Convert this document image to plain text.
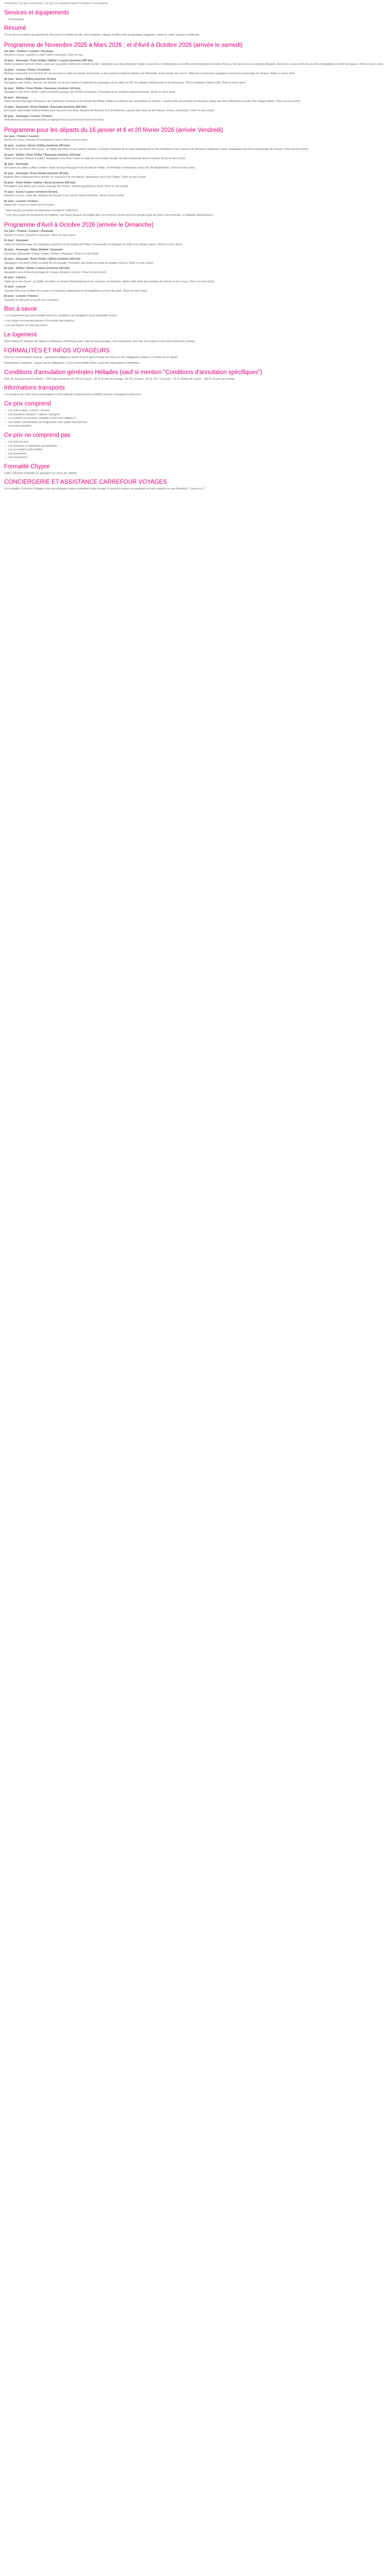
Description (Ce prix comprend) / Ce prix ne comprend pas/ Formalités/ Conciergerie
Services et équipements
• Conciergerie
Résumé
Un circuit en croisière qui permet de découvrir le meilleur du Nil, entre temples, villages traditionnels et paysages magiques, dans un cadre luxueux et détendu.
Programme de Novembre 2025 à Mars 2026 ; et d'Avril à Octobre 2026 (arrivée le samedi)
1er jour : France / Louxor / Assouan
Arrivée à Louxor, transfert à votre hôtel à Assouan. Dîner et nuit.
2e jour : Assouan / Kom Ombo / Edfou / Louxor (environ 220 km)
Visite du temple de Kom Ombo, situé sur une petite colline en bordure du Nil, il est dédié aux deux divinités Sobek et Haroeris. Continuation vers Edfou et découverte du temple d'Horus, l'un des mieux conservés d'Égypte. Arrivée à Louxor en fin de journée et installation à bord du bateau. Dîner et nuit à bord.
3e jour : Louxor / Esna / Croisière
Matinée consacrée à la rive Est de Louxor avec la visite du temple de Karnak, le plus grand complexe religieux de l'Antiquité, et du temple de Louxor. Déjeuner à bord puis navigation vers Esna et passage de l'écluse. Dîner et nuit à bord.
4e jour : Esna / Edfou (environ 70 km)
Navigation vers Edfou. Journée de détente sur le pont soleil en admirant les paysages de la vallée du Nil, les villages traditionnels et les felouques. Thé à l'anglaise l'après-midi. Dîner et nuit à bord.
5e jour : Edfou / Kom Ombo / Assouan (environ 110 km)
Navigation vers Kom Ombo, visite du temple partagé par Sobek et Haroeris. Poursuite de la croisière jusqu'à Assouan. Dîner et nuit à bord.
6e jour : Assouan
Visite du Haut Barrage d'Assouan, de l'obélisque inachevé et du temple de Philae, dédié à la déesse Isis, accessible en bateau. L'après-midi, promenade en felouque autour des îles d'Assouan et visite d'un village nubien. Dîner et nuit à bord.
7e jour : Assouan / Abou Simbel / Assouan (environ 560 km)
Excursion optionnelle à Abou Simbel pour découvrir les deux temples de Ramsès II et de Néfertari, sauvés des eaux du lac Nasser. Retour à Assouan. Dîner et nuit à bord.
8e jour : Assouan / Louxor / France
Petit déjeuner à bord puis transfert à l'aéroport de Louxor et envol vers la France.
Programme pour les départs du 16 janvier et 6 et 20 février 2026 (arrivée Vendredi)
1er jour : France / Louxor
Arrivée à Louxor, transfert et installation à bord. Dîner et nuit à bord.
2e jour : Louxor / Esna / Edfou (environ 120 km)
Visite de la rive Ouest de Louxor : la Vallée des Rois et ses tombes peintes, le temple funéraire de la reine Hatchepsout à Deir el-Bahari et les colosses de Memnon. Déjeuner à bord, navigation vers Esna et passage de l'écluse. Dîner et nuit à bord.
3e jour : Edfou / Kom Ombo / Assouan (environ 110 km)
Visite du temple d'Horus à Edfou. Navigation vers Kom Ombo et visite de son temple double. Arrivée à Assouan dans la soirée. Dîner et nuit à bord.
4e jour : Assouan
Excursion en option à Abou Simbel. Visite du Haut Barrage et du temple de Philae. Promenade en felouque autour de l'île Éléphantine. Dîner et nuit à bord.
5e jour : Assouan / Kom Ombo (environ 45 km)
Matinée libre à Assouan pour profiter du marché et de ses épices. Navigation vers Kom Ombo. Dîner et nuit à bord.
6e jour : Kom Ombo / Edfou / Esna (environ 150 km)
Navigation vers Edfou puis Esna, passage de l'écluse. Soirée égyptienne à bord. Dîner et nuit à bord.
7e jour : Esna / Louxor (environ 55 km)
Arrivée à Louxor, visite des temples de Karnak et de Louxor. Après-midi libre. Dîner et nuit à bord.
8e jour : Louxor / France
Départ de Louxor et envol vers la France.
* Sites inscrits sur la liste du patrimoine mondial de l'UNESCO
** Lors de la visite de monuments ou religieux, une tenue décente est exigée pour les hommes comme pour les femmes (pas de short ni de bermuda, ni d'épaules découvertes).
Programme d'Avril à Octobre 2026 (arrivée le Dimanche)
1er jour : France / Louxor / Assouan
Arrivée à Louxor, transfert à Assouan. Dîner et nuit à bord.
2e jour : Assouan
Visite du Haut Barrage, de l'obélisque inachevé et du temple de Philae. Promenade en felouque et visite d'un village nubien. Dîner et nuit à bord.
3e jour : Assouan / Abou Simbel / Assouan
Excursion optionnelle à Abou Simbel. Retour à Assouan. Dîner et nuit à bord.
4e jour : Assouan / Kom Ombo / Edfou (environ 110 km)
Navigation vers Kom Ombo et visite de son temple. Poursuite vers Edfou et visite du temple d'Horus. Dîner et nuit à bord.
5e jour : Edfou / Esna / Louxor (environ 120 km)
Navigation vers Esna et passage de l'écluse. Arrivée à Louxor. Dîner et nuit à bord.
6e jour : Louxor
Visite de la rive Ouest : la Vallée des Rois, le temple d'Hatchepsout et les colosses de Memnon. Après-midi visite des temples de Karnak et de Louxor. Dîner et nuit à bord.
7e jour : Louxor
Journée libre pour profiter de Louxor ou excursion optionnelle en montgolfière au lever du soleil. Dîner et nuit à bord.
8e jour : Louxor / France
Transfert à l'aéroport et envol vers la France.
Bon à savoir
• Le programme peut être modifié selon les conditions de navigation et les impératifs locaux.
• Les visites sont accompagnées d'un guide francophone.
• Les pourboires ne sont pas inclus.
Le logement
Votre bateau 5* dispose de cabines extérieures climatisées avec salle de bain privative, d'un restaurant, d'un bar, d'un salon et d'un pont soleil avec piscine.
FORMALITÉS ET INFOS VOYAGEURS
Pour les ressortissants français : passeport valable au moins 6 mois après la date de retour et visa obligatoire (obtenu à l'arrivée ou en ligne).
Informations sanitaires : aucun vaccin obligatoire. Il est recommandé d'être à jour des vaccinations habituelles.
Conditions d'annulation générales Héliades (sauf si mention "Conditions d'annulation spécifiques")
Plus de 30 jours avant le départ : 100 € par personne. De 30 à 21 jours : 25 % du prix du voyage. De 20 à 8 jours : 50 %. De 7 à 3 jours : 75 %. Moins de 3 jours : 100 % du prix du voyage.
Informations transports
Les horaires des vols sont communiqués à titre indicatif et peuvent être modifiés par les compagnies aériennes.
Ce prix comprend
• Les vols France / Louxor / France
• Les transferts aéroport / bateau / aéroport
• La croisière en pension complète à bord d'un bateau 5*
• Les visites mentionnées au programme avec guide francophone
• Les taxes aéroport
Ce prix ne comprend pas
• Les frais de visa
• Les boissons et dépenses personnelles
• Les excursions optionnelles
• Les pourboires
• Les assurances
Formalité Chypre
Carte nationale d'identité ou passeport en cours de validité.
CONCIERGERIE ET ASSISTANCE CARREFOUR VOYAGES
Un conseiller Carrefour Voyages vous accompagne avant et pendant votre voyage. Il répond à toutes vos questions et vous assiste en cas d'imprévu, 7 jours sur 7.
